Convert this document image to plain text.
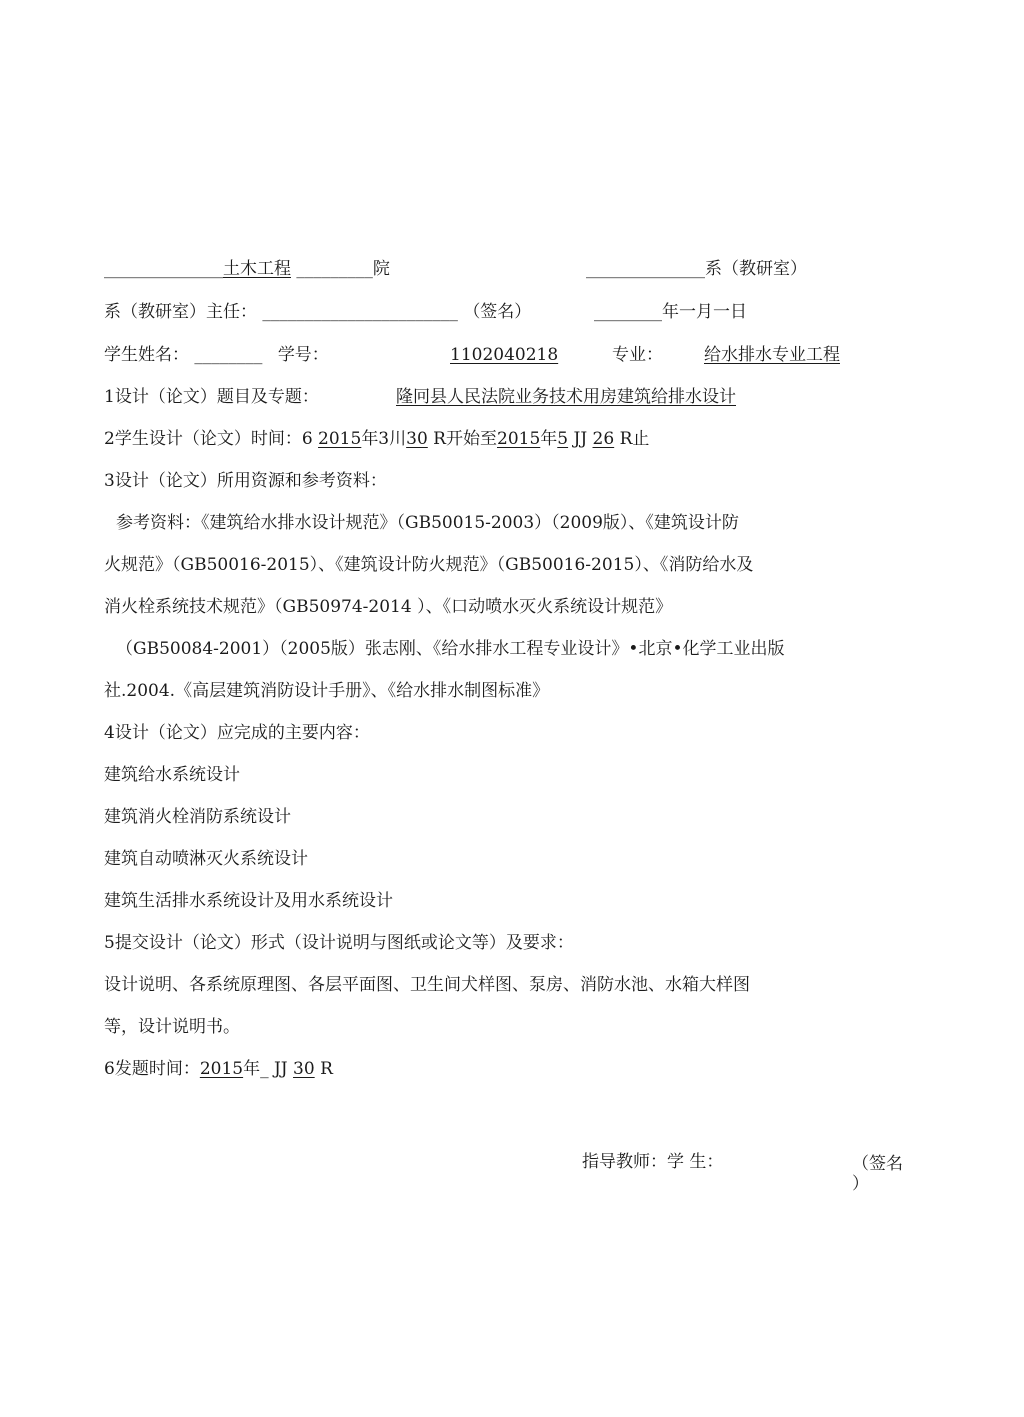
______________土木工程 _________院	______________系（教研室）
系（教研室）主任： _______________________ （签名）	________年一月一日
学生姓名： ________ 学号：	1102040218	专业： 给水排水专业工程
1设计（论文）题目及专题：	隆冋县人民法院业务技术用房建筑给排水设计
2学生设计（论文）时间：6 2015年3川30 R开始至2015年5 JJ 26 R止
3设计（论文）所用资源和参考资料：
参考资料：《建筑给水排水设计规范》（GB50015-2003）（2009版）、《建筑设计防
火规范》（GB50016-2015）、《建筑设计防火规范》（GB50016-2015）、《消防给水及
消火栓系统技术规范》（GB50974-2014 ）、《口动喷水灭火系统设计规范》
（GB50084-2001）（2005版）张志刚、《给水排水工程专业设计》•北京•化学工业出版
社.2004.《高层建筑消防设计手册》、《给水排水制图标准》
4设计（论文）应完成的主要内容：
建筑给水系统设计
建筑消火栓消防系统设计
建筑自动喷淋灭火系统设计
建筑生活排水系统设计及用水系统设计
5提交设计（论文）形式（设计说明与图纸或论文等）及要求：
设计说明、各系统原理图、各层平面图、卫生间犬样图、泵房、消防水池、水箱大样图
等，设计说明书。
6发题时间：2015年_ JJ 30 R
指导教师：学 生：	（签名
）
